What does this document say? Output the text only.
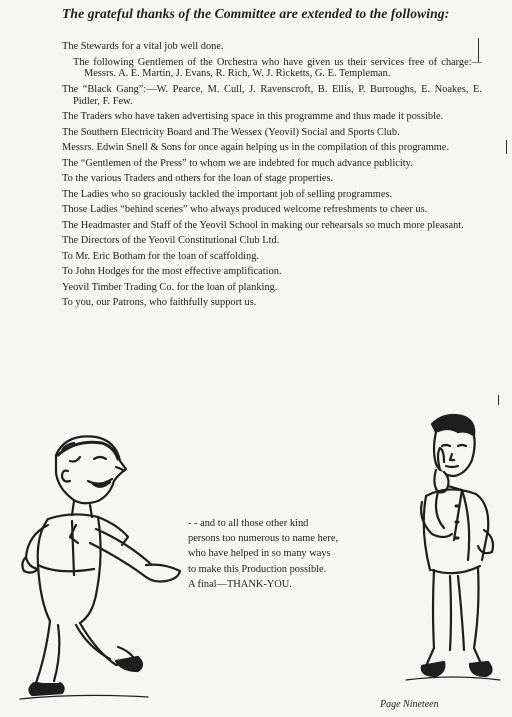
The grateful thanks of the Committee are extended to the following:
The Stewards for a vital job well done.
The following Gentlemen of the Orchestra who have given us their services free of charge:—Messrs. A. E. Martin, J. Evans, R. Rich, W. J. Ricketts, G. E. Templeman.
The “Black Gang”:—W. Pearce, M. Cull, J. Ravenscroft, B. Ellis, P. Burroughs, E. Noakes, E. Pidler, F. Few.
The Traders who have taken advertising space in this programme and thus made it possible.
The Southern Electricity Board and The Wessex (Yeovil) Social and Sports Club.
Messrs. Edwin Snell & Sons for once again helping us in the compilation of this programme.
The “Gentlemen of the Press” to whom we are indebted for much advance publicity.
To the various Traders and others for the loan of stage properties.
The Ladies who so graciously tackled the important job of selling programmes.
Those Ladies “behind scenes” who always produced welcome refreshments to cheer us.
The Headmaster and Staff of the Yeovil School in making our rehearsals so much more pleasant.
The Directors of the Yeovil Constitutional Club Ltd.
To Mr. Eric Botham for the loan of scaffolding.
To John Hodges for the most effective amplification.
Yeovil Timber Trading Co. for the loan of planking.
To you, our Patrons, who faithfully support us.
- - and to all those other kind
persons too numerous to name here,
who have helped in so many ways
to make this Production possible.
A final—THANK-YOU.
Page Nineteen
